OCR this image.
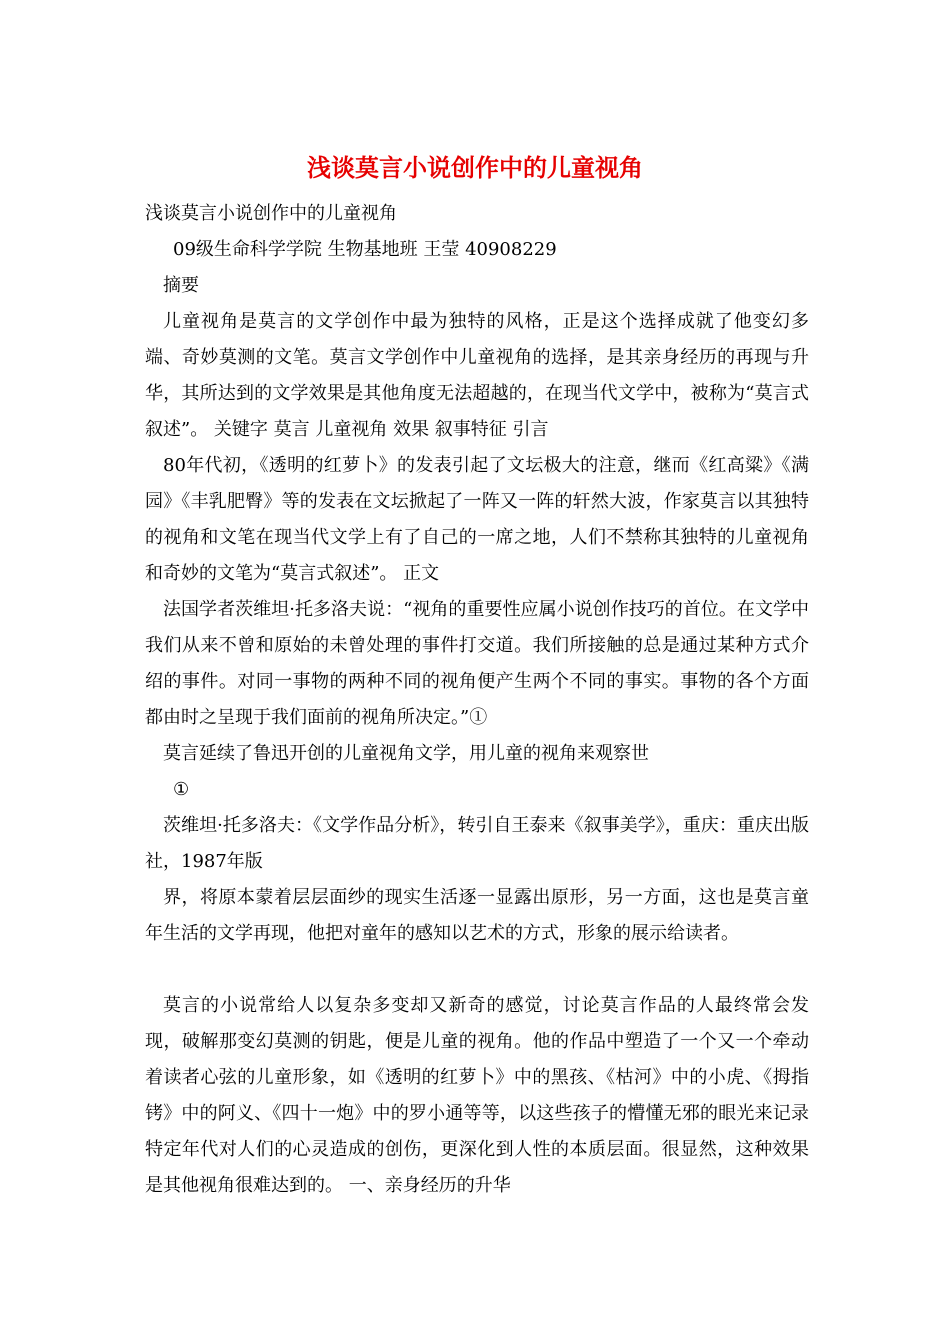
浅谈莫言小说创作中的儿童视角

浅谈莫言小说创作中的儿童视角

09级生命科学学院 生物基地班 王莹 40908229

摘要

儿童视角是莫言的文学创作中最为独特的风格，正是这个选择成就了他变幻多端、奇妙莫测的文笔。莫言文学创作中儿童视角的选择，是其亲身经历的再现与升华，其所达到的文学效果是其他角度无法超越的，在现当代文学中，被称为“莫言式叙述”。 关键字 莫言 儿童视角 效果 叙事特征 引言

80年代初，《透明的红萝卜》的发表引起了文坛极大的注意，继而《红高粱》《满园》《丰乳肥臀》等的发表在文坛掀起了一阵又一阵的轩然大波，作家莫言以其独特的视角和文笔在现当代文学上有了自己的一席之地，人们不禁称其独特的儿童视角和奇妙的文笔为“莫言式叙述”。 正文

法国学者茨维坦·托多洛夫说：“视角的重要性应属小说创作技巧的首位。在文学中我们从来不曾和原始的未曾处理的事件打交道。我们所接触的总是通过某种方式介绍的事件。对同一事物的两种不同的视角便产生两个不同的事实。事物的各个方面都由时之呈现于我们面前的视角所决定。”①

莫言延续了鲁迅开创的儿童视角文学，用儿童的视角来观察世

①

茨维坦·托多洛夫：《文学作品分析》，转引自王泰来《叙事美学》，重庆：重庆出版社，1987年版

界，将原本蒙着层层面纱的现实生活逐一显露出原形，另一方面，这也是莫言童年生活的文学再现，他把对童年的感知以艺术的方式，形象的展示给读者。

莫言的小说常给人以复杂多变却又新奇的感觉，讨论莫言作品的人最终常会发现，破解那变幻莫测的钥匙，便是儿童的视角。他的作品中塑造了一个又一个牵动着读者心弦的儿童形象，如《透明的红萝卜》中的黑孩、《枯河》中的小虎、《拇指铐》中的阿义、《四十一炮》中的罗小通等等，以这些孩子的懵懂无邪的眼光来记录特定年代对人们的心灵造成的创伤，更深化到人性的本质层面。很显然，这种效果是其他视角很难达到的。 一、亲身经历的升华
